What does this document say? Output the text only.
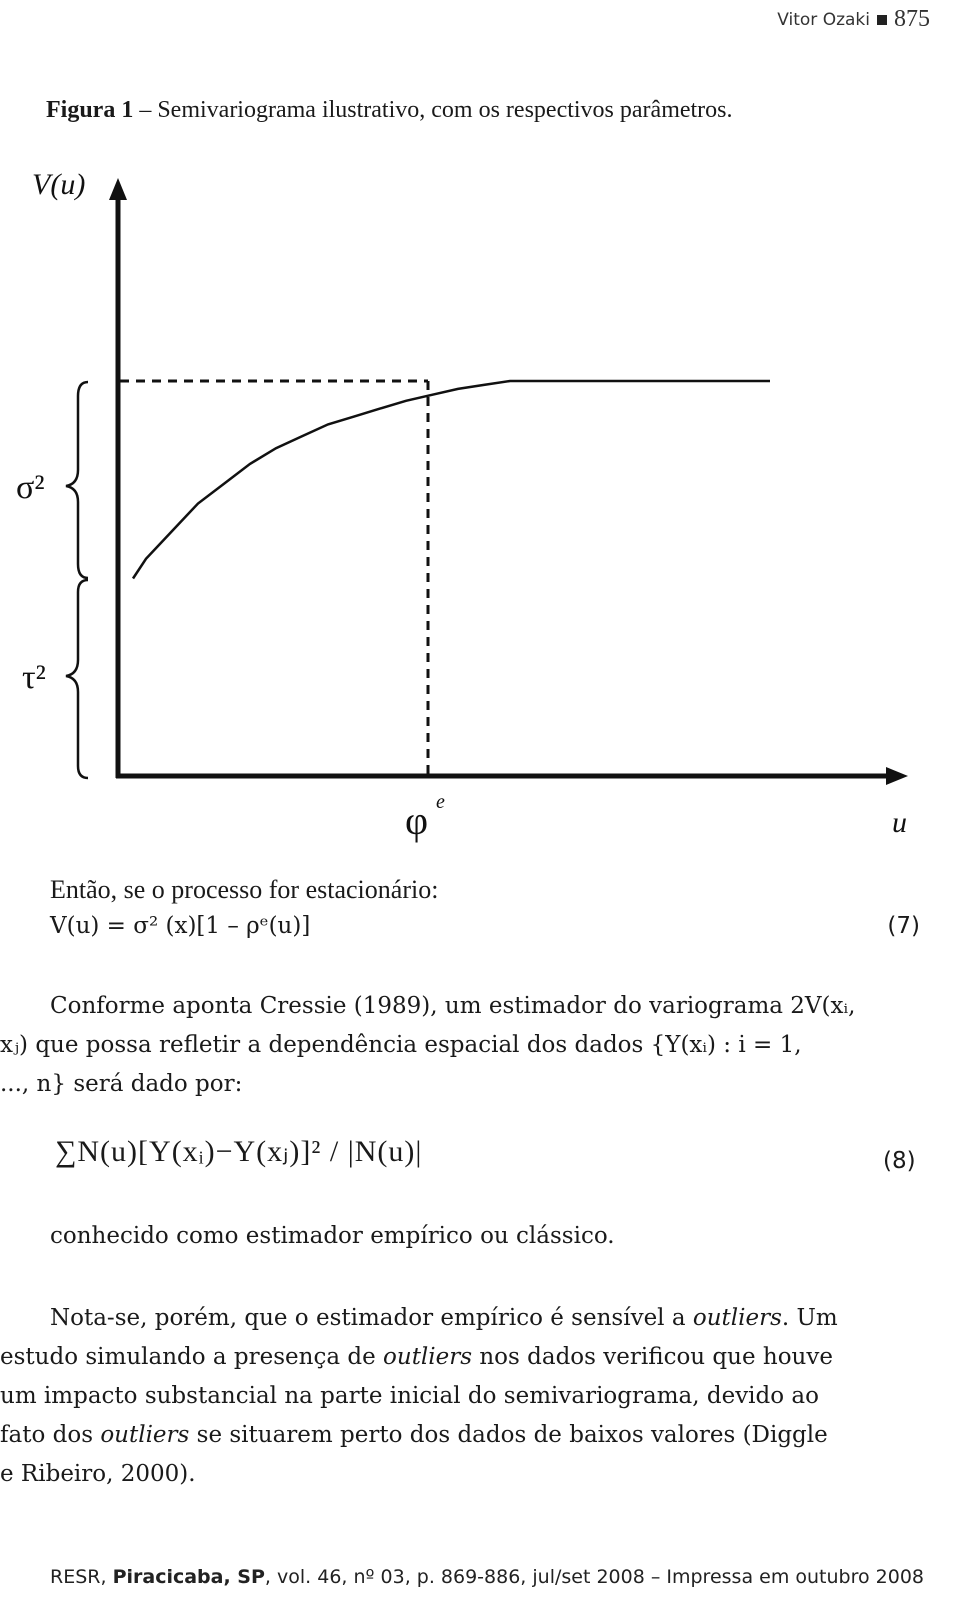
Vitor Ozaki 875
Figura 1 – Semivariograma ilustrativo, com os respectivos parâmetros.
V(u)
σ²
τ²
φ e
u
Então, se o processo for estacionário:
V(u) = σ² (x)[1 – ρᵉ(u)]	(7)
Conforme aponta Cressie (1989), um estimador do variograma 2V(xᵢ,
xⱼ) que possa refletir a dependência espacial dos dados {Y(xᵢ) : i = 1,
..., n} será dado por:
∑N(u)[Y(xᵢ)−Y(xⱼ)]² / |N(u)|	(8)
conhecido como estimador empírico ou clássico.
Nota-se, porém, que o estimador empírico é sensível a outliers. Um
estudo simulando a presença de outliers nos dados verificou que houve
um impacto substancial na parte inicial do semivariograma, devido ao
fato dos outliers se situarem perto dos dados de baixos valores (Diggle
e Ribeiro, 2000).
RESR, Piracicaba, SP, vol. 46, nº 03, p. 869-886, jul/set 2008 – Impressa em outubro 2008
